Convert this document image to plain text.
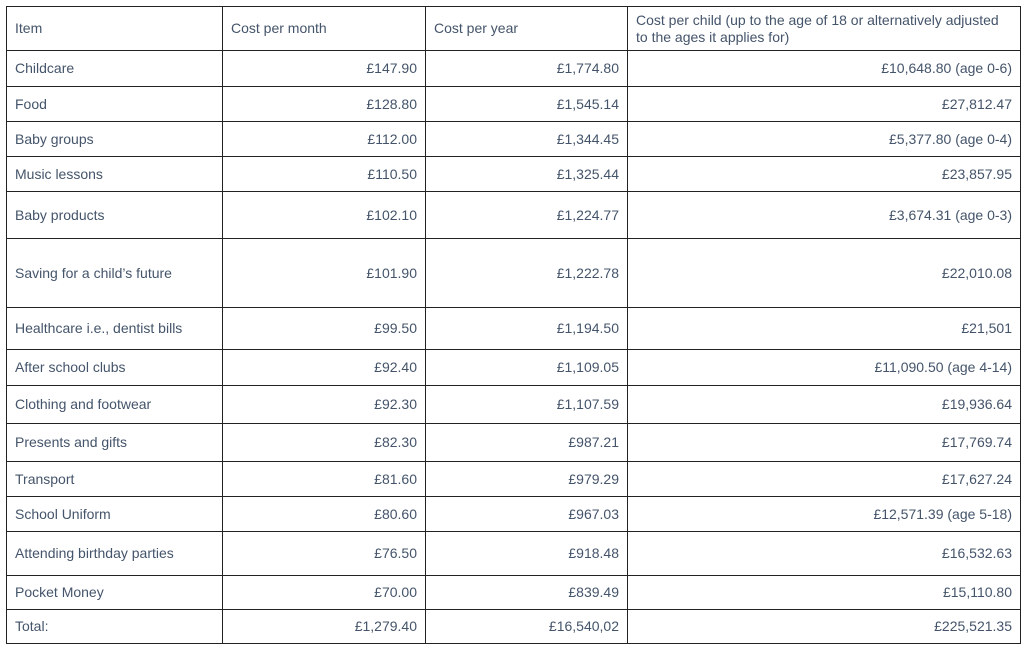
Item	Cost per month	Cost per year	Cost per child (up to the age of 18 or alternatively adjusted to the ages it applies for)
Childcare	£147.90	£1,774.80	£10,648.80 (age 0-6)
Food	£128.80	£1,545.14	£27,812.47
Baby groups	£112.00	£1,344.45	£5,377.80 (age 0-4)
Music lessons	£110.50	£1,325.44	£23,857.95
Baby products	£102.10	£1,224.77	£3,674.31 (age 0-3)
Saving for a child’s future	£101.90	£1,222.78	£22,010.08
Healthcare i.e., dentist bills	£99.50	£1,194.50	£21,501
After school clubs	£92.40	£1,109.05	£11,090.50 (age 4-14)
Clothing and footwear	£92.30	£1,107.59	£19,936.64
Presents and gifts	£82.30	£987.21	£17,769.74
Transport	£81.60	£979.29	£17,627.24
School Uniform	£80.60	£967.03	£12,571.39 (age 5-18)
Attending birthday parties	£76.50	£918.48	£16,532.63
Pocket Money	£70.00	£839.49	£15,110.80
Total:	£1,279.40	£16,540,02	£225,521.35
